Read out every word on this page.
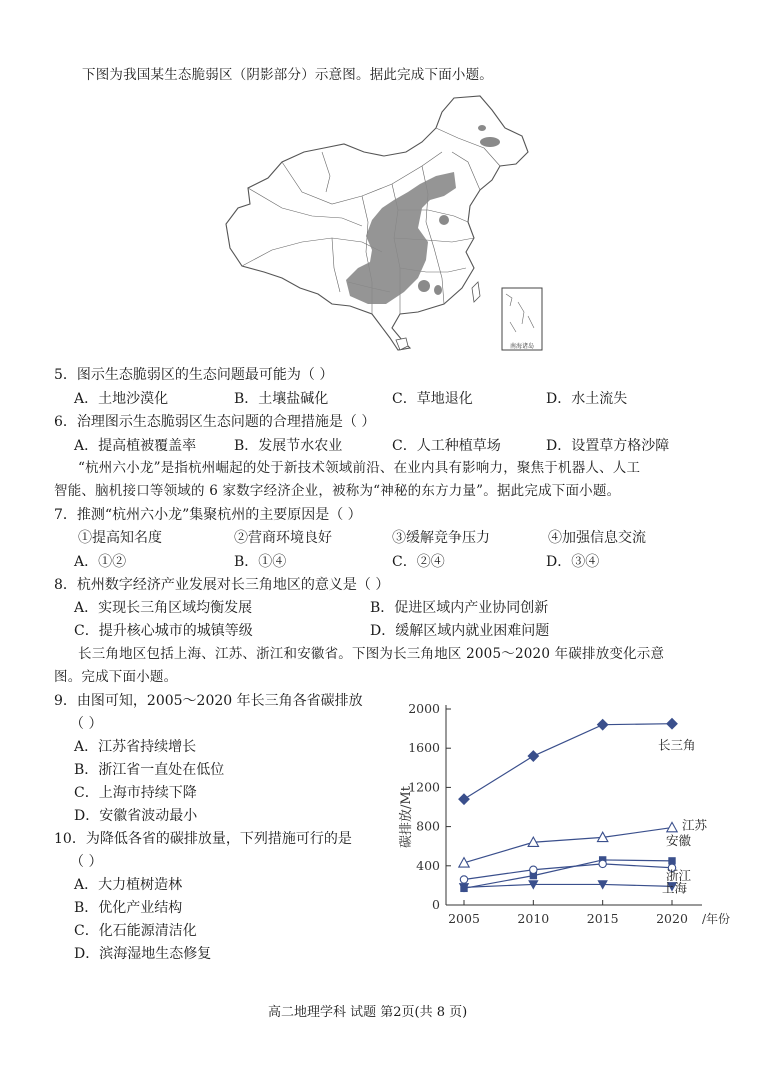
下图为我国某生态脆弱区（阴影部分）示意图。据此完成下面小题。
南海诸岛
5．图示生态脆弱区的生态问题最可能为（ ）
A．土地沙漠化	B．土壤盐碱化	C．草地退化	D．水土流失
6．治理图示生态脆弱区生态问题的合理措施是（ ）
A．提高植被覆盖率	B．发展节水农业	C．人工种植草场	D．设置草方格沙障
“杭州六小龙”是指杭州崛起的处于新技术领域前沿、在业内具有影响力，聚焦于机器人、人工
智能、脑机接口等领域的 6 家数字经济企业，被称为“神秘的东方力量”。据此完成下面小题。
7．推测“杭州六小龙”集聚杭州的主要原因是（ ）
①提高知名度	②营商环境良好	③缓解竞争压力	④加强信息交流
A．①②	B．①④	C．②④	D．③④
8．杭州数字经济产业发展对长三角地区的意义是（ ）
A．实现长三角区域均衡发展	B．促进区域内产业协同创新
C．提升核心城市的城镇等级	D．缓解区域内就业困难问题
长三角地区包括上海、江苏、浙江和安徽省。下图为长三角地区 2005～2020 年碳排放变化示意
图。完成下面小题。
9．由图可知，2005～2020 年长三角各省碳排放
（ ）
A．江苏省持续增长
B．浙江省一直处在低位
C．上海市持续下降
D．安徽省波动最小
10．为降低各省的碳排放量，下列措施可行的是
（ ）
A．大力植树造林
B．优化产业结构
C．化石能源清洁化
D．滨海湿地生态修复
0
400
800
1200
1600
2000
2005	2010	2015	2020 /年份
碳排放/Mt
长三角
江苏
安徽
浙江
上海
高二地理学科 试题 第2页(共 8 页)
